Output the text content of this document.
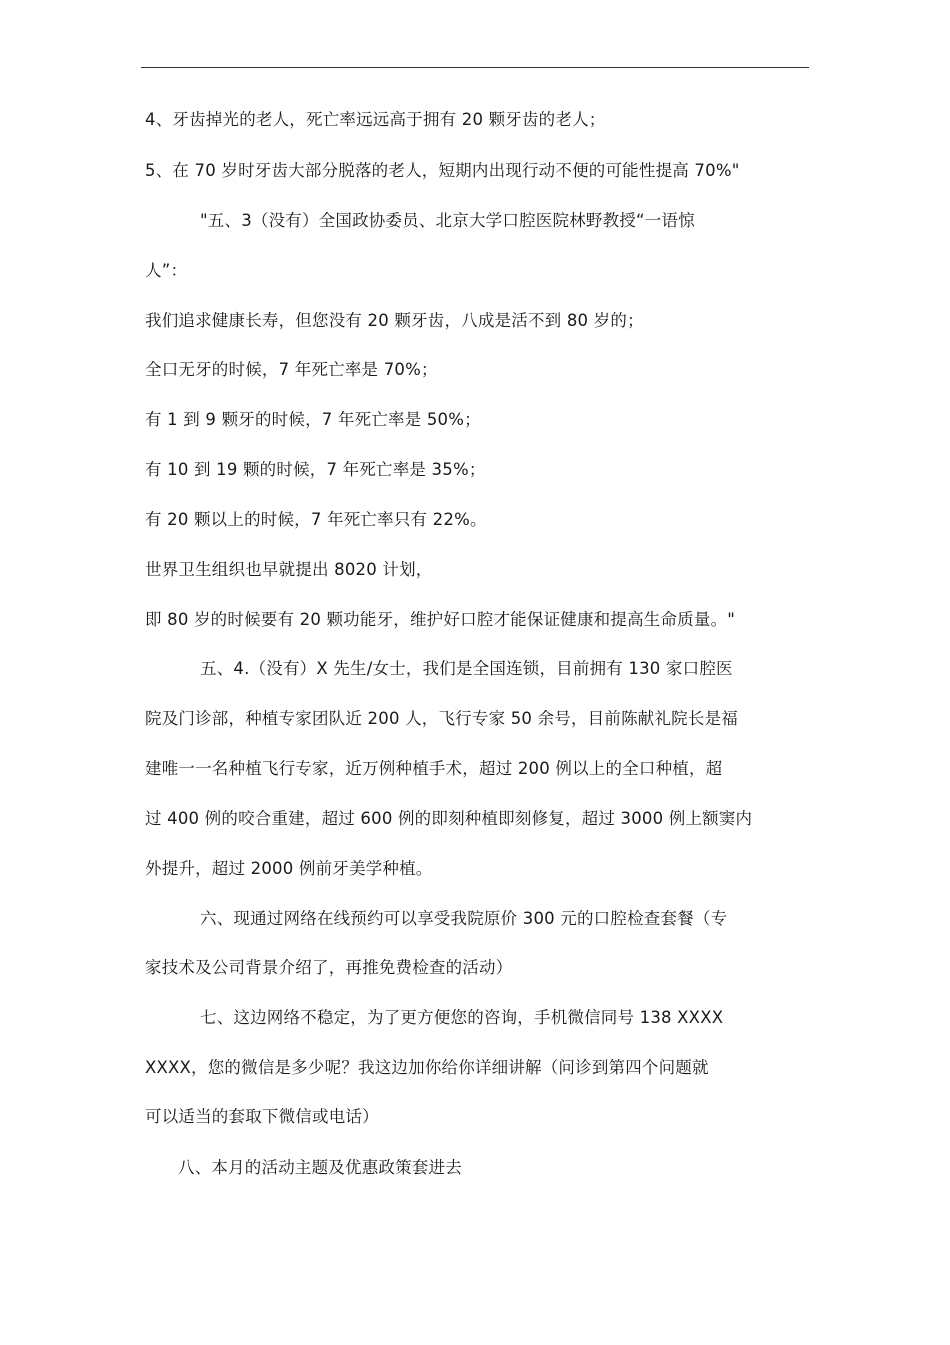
4、牙齿掉光的老人，死亡率远远高于拥有 20 颗牙齿的老人；
5、在 70 岁时牙齿大部分脱落的老人，短期内出现行动不便的可能性提高 70%"
"五、3（没有）全国政协委员、北京大学口腔医院林野教授“一语惊
人”：
我们追求健康长寿，但您没有 20 颗牙齿，八成是活不到 80 岁的；
全口无牙的时候，7 年死亡率是 70%；
有 1 到 9 颗牙的时候，7 年死亡率是 50%；
有 10 到 19 颗的时候，7 年死亡率是 35%；
有 20 颗以上的时候，7 年死亡率只有 22%。
世界卫生组织也早就提出 8020 计划，
即 80 岁的时候要有 20 颗功能牙，维护好口腔才能保证健康和提高生命质量。"
五、4.（没有）X 先生/女士，我们是全国连锁，目前拥有 130 家口腔医
院及门诊部，种植专家团队近 200 人，飞行专家 50 余号，目前陈献礼院长是福
建唯一一名种植飞行专家，近万例种植手术，超过 200 例以上的全口种植，超
过 400 例的咬合重建，超过 600 例的即刻种植即刻修复，超过 3000 例上额窦内
外提升，超过 2000 例前牙美学种植。
六、现通过网络在线预约可以享受我院原价 300 元的口腔检查套餐（专
家技术及公司背景介绍了，再推免费检查的活动）
七、这边网络不稳定，为了更方便您的咨询，手机微信同号 138 XXXX
XXXX，您的微信是多少呢？我这边加你给你详细讲解（问诊到第四个问题就
可以适当的套取下微信或电话）
八、本月的活动主题及优惠政策套进去
